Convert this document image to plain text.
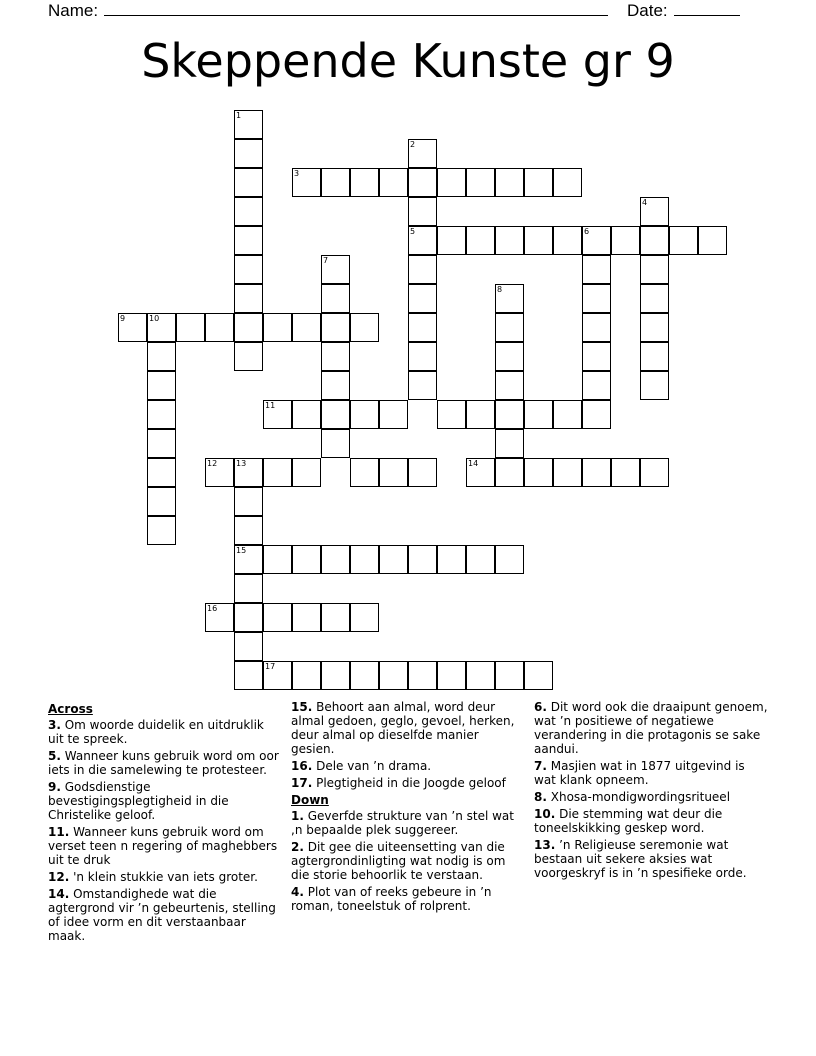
Name:	Date:
Skeppende Kunste gr 9
1
2
5
3
4
6
7
8
9	10
11
12 13	14
15
16
17
Across
3. Om woorde duidelik en uitdruklik uit te spreek.
5. Wanneer kuns gebruik word om oor iets in die samelewing te protesteer.
9. Godsdienstige bevestigingsplegtigheid in die Christelike geloof.
11. Wanneer kuns gebruik word om verset teen n regering of maghebbers uit te druk
12. 'n klein stukkie van iets groter.
14. Omstandighede wat die agtergrond vir ’n gebeurtenis, stelling of idee vorm en dit verstaanbaar maak.
15. Behoort aan almal, word deur almal gedoen, geglo, gevoel, herken, deur almal op dieselfde manier gesien.
16. Dele van ’n drama.
17. Plegtigheid in die Joogde geloof
Down
1. Geverfde strukture van ’n stel wat ,n bepaalde plek suggereer.
2. Dit gee die uiteensetting van die agtergrondinligting wat nodig is om die storie behoorlik te verstaan.
4. Plot van of reeks gebeure in ’n roman, toneelstuk of rolprent.
6. Dit word ook die draaipunt genoem, wat ’n positiewe of negatiewe verandering in die protagonis se sake aandui.
7. Masjien wat in 1877 uitgevind is wat klank opneem.
8. Xhosa-mondigwordingsritueel
10. Die stemming wat deur die toneelskikking geskep word.
13. ’n Religieuse seremonie wat bestaan uit sekere aksies wat voorgeskryf is in ’n spesifieke orde.
